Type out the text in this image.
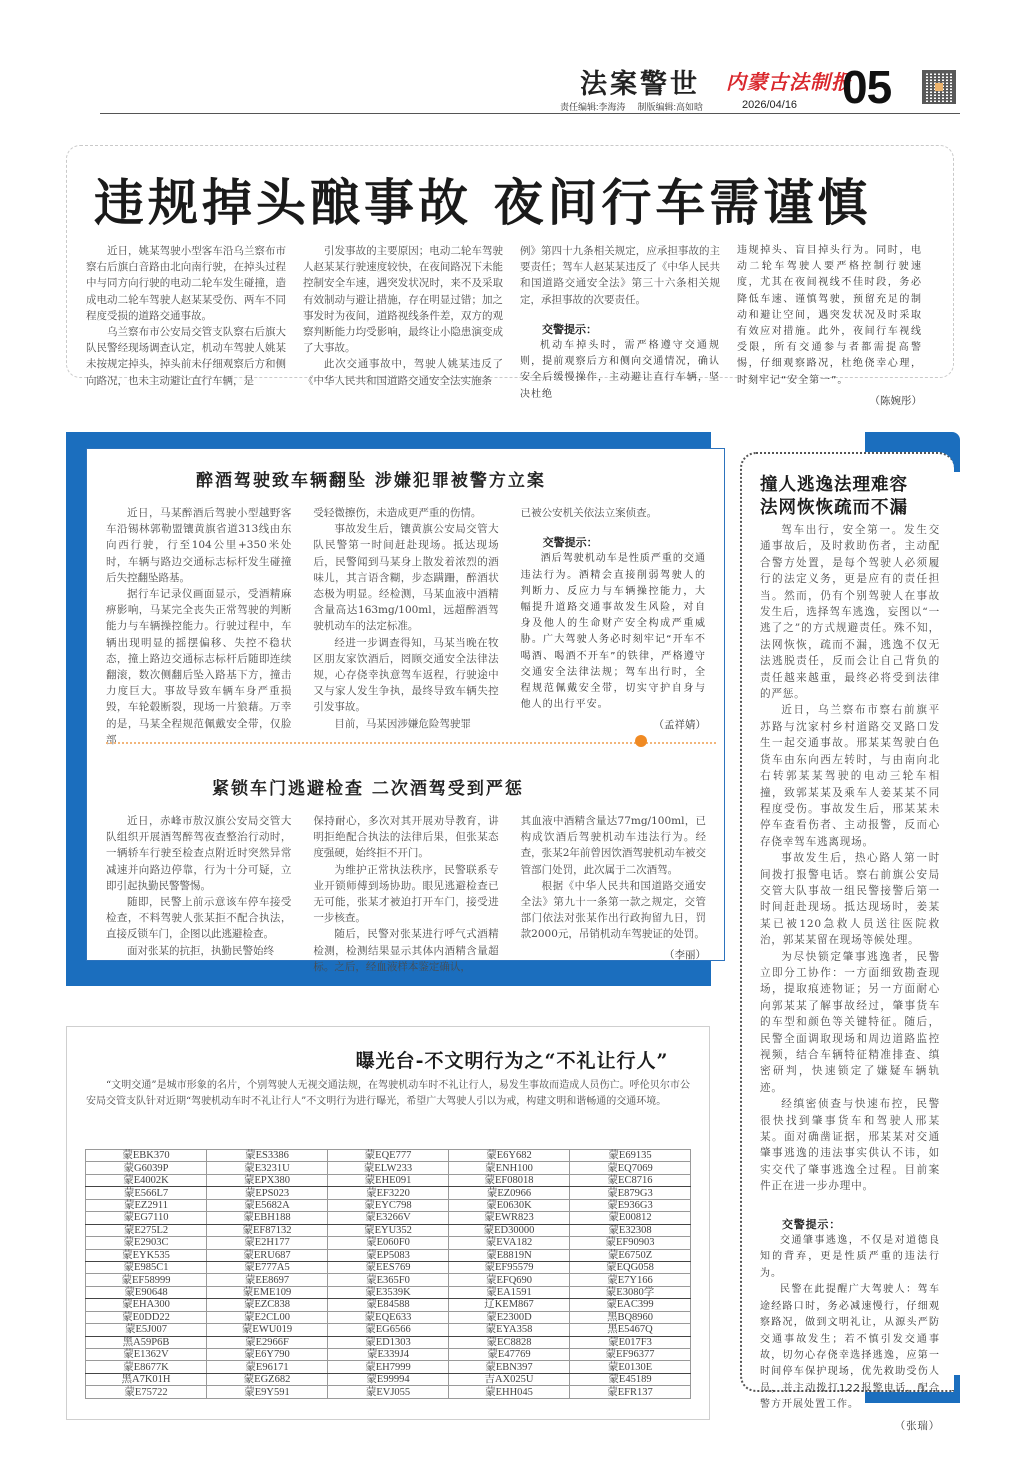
法案警世 内蒙古法制报
05
责任编辑:李海涛 制版编辑:高如晗	2026/04/16
违规掉头酿事故 夜间行车需谨慎

近日，姚某驾驶小型客车沿乌兰察布市察右后旗白音路由北向南行驶，在掉头过程中与同方向行驶的电动二轮车发生碰撞，造成电动二轮车驾驶人赵某某受伤、两车不同程度受损的道路交通事故。

乌兰察布市公安局交管支队察右后旗大队民警经现场调查认定，机动车驾驶人姚某未按规定掉头，掉头前未仔细观察后方和侧向路况，也未主动避让直行车辆，是

引发事故的主要原因；电动二轮车驾驶人赵某某行驶速度较快，在夜间路况下未能控制安全车速，遇突发状况时，来不及采取有效制动与避让措施，存在明显过错；加之事发时为夜间，道路视线条件差，双方的观察判断能力均受影响，最终让小隐患演变成了大事故。

此次交通事故中，驾驶人姚某违反了《中华人民共和国道路交通安全法实施条

例》第四十九条相关规定，应承担事故的主要责任；驾车人赵某某违反了《中华人民共和国道路交通安全法》第三十六条相关规定，承担事故的次要责任。

交警提示：

机动车掉头时，需严格遵守交通规则，提前观察后方和侧向交通情况，确认安全后缓慢操作，主动避让直行车辆，坚决杜绝

违规掉头、盲目掉头行为。同时，电动二轮车驾驶人要严格控制行驶速度，尤其在夜间视线不佳时段，务必降低车速、谨慎驾驶，预留充足的制动和避让空间，遇突发状况及时采取有效应对措施。此外，夜间行车视线受限，所有交通参与者都需提高警惕，仔细观察路况，杜绝侥幸心理，时刻牢记“安全第一”。

（陈婉彤）
醉酒驾驶致车辆翻坠 涉嫌犯罪被警方立案

近日，马某醉酒后驾驶小型越野客车沿锡林郭勒盟镶黄旗省道313线由东向西行驶，行至104公里+350米处时，车辆与路边交通标志标杆发生碰撞后失控翻坠路基。

据行车记录仪画面显示，受酒精麻痹影响，马某完全丧失正常驾驶的判断能力与车辆操控能力。行驶过程中，车辆出现明显的摇摆偏移、失控不稳状态，撞上路边交通标志标杆后随即连续翻滚，数次侧翻后坠入路基下方，撞击力度巨大。事故导致车辆车身严重损毁，车轮毂断裂，现场一片狼藉。万幸的是，马某全程规范佩戴安全带，仅脸部

受轻微擦伤，未造成更严重的伤情。

事故发生后，镶黄旗公安局交管大队民警第一时间赶赴现场。抵达现场后，民警闻到马某身上散发着浓烈的酒味儿，其言语含糊，步态蹒跚，醉酒状态极为明显。经检测，马某血液中酒精含量高达163mg/100ml，远超醉酒驾驶机动车的法定标准。

经进一步调查得知，马某当晚在牧区朋友家饮酒后，罔顾交通安全法律法规，心存侥幸执意驾车返程，行驶途中又与家人发生争执，最终导致车辆失控引发事故。

目前，马某因涉嫌危险驾驶罪

已被公安机关依法立案侦查。

交警提示：

酒后驾驶机动车是性质严重的交通违法行为。酒精会直接削弱驾驶人的判断力、反应力与车辆操控能力，大幅提升道路交通事故发生风险，对自身及他人的生命财产安全构成严重威胁。广大驾驶人务必时刻牢记“开车不喝酒、喝酒不开车”的铁律，严格遵守交通安全法律法规；驾车出行时，全程规范佩戴安全带，切实守护自身与他人的出行平安。

（孟祥婧）
紧锁车门逃避检查 二次酒驾受到严惩

近日，赤峰市敖汉旗公安局交管大队组织开展酒驾醉驾夜查整治行动时，一辆轿车行驶至检查点附近时突然异常减速并向路边停靠，行为十分可疑，立即引起执勤民警警惕。

随即，民警上前示意该车停车接受检查，不料驾驶人张某拒不配合执法，直接反锁车门，企图以此逃避检查。

面对张某的抗拒，执勤民警始终

保持耐心，多次对其开展劝导教育，讲明拒绝配合执法的法律后果，但张某态度强硬，始终拒不开门。

为维护正常执法秩序，民警联系专业开锁师傅到场协助。眼见逃避检查已无可能，张某才被迫打开车门，接受进一步核查。

随后，民警对张某进行呼气式酒精检测，检测结果显示其体内酒精含量超标。之后，经血液样本鉴定确认，

其血液中酒精含量达77mg/100ml，已构成饮酒后驾驶机动车违法行为。经查，张某2年前曾因饮酒驾驶机动车被交管部门处罚，此次属于二次酒驾。

根据《中华人民共和国道路交通安全法》第九十一条第一款之规定，交管部门依法对张某作出行政拘留九日，罚款2000元，吊销机动车驾驶证的处罚。

（李丽）
撞人逃逸法理难容
法网恢恢疏而不漏

驾车出行，安全第一。发生交通事故后，及时救助伤者，主动配合警方处置，是每个驾驶人必须履行的法定义务，更是应有的责任担当。然而，仍有个别驾驶人在事故发生后，选择驾车逃逸，妄图以“一逃了之”的方式规避责任。殊不知，法网恢恢，疏而不漏，逃逸不仅无法逃脱责任，反而会让自己背负的责任越来越重，最终必将受到法律的严惩。

近日，乌兰察布市察右前旗平苏路与沈家村乡村道路交叉路口发生一起交通事故。邢某某驾驶白色货车由东向西左转时，与由南向北右转郭某某驾驶的电动三轮车相撞，致郭某某及乘车人姜某某不同程度受伤。事故发生后，邢某某未停车查看伤者、主动报警，反而心存侥幸驾车逃离现场。

事故发生后，热心路人第一时间拨打报警电话。察右前旗公安局交管大队事故一组民警接警后第一时间赶赴现场。抵达现场时，姜某某已被120急救人员送往医院救治，郭某某留在现场等候处理。

为尽快锁定肇事逃逸者，民警立即分工协作：一方面细致勘查现场，提取痕迹物证；另一方面耐心向郭某某了解事故经过，肇事货车的车型和颜色等关键特征。随后，民警全面调取现场和周边道路监控视频，结合车辆特征精准排查、缜密研判，快速锁定了嫌疑车辆轨迹。

经缜密侦查与快速布控，民警很快找到肇事货车和驾驶人邢某某。面对确凿证据，邢某某对交通肇事逃逸的违法事实供认不讳，如实交代了肇事逃逸全过程。目前案件正在进一步办理中。

交警提示：

交通肇事逃逸，不仅是对道德良知的背弃，更是性质严重的违法行为。

民警在此提醒广大驾驶人：驾车途经路口时，务必减速慢行，仔细观察路况，做到文明礼让，从源头严防交通事故发生；若不慎引发交通事故，切勿心存侥幸选择逃逸，应第一时间停车保护现场，优先救助受伤人员，并主动拨打122报警电话，配合警方开展处置工作。

（张瑞）
曝光台-不文明行为之“不礼让行人”

“文明交通”是城市形象的名片，个别驾驶人无视交通法规，在驾驶机动车时不礼让行人，易发生事故而造成人员伤亡。呼伦贝尔市公安局交管支队针对近期“驾驶机动车时不礼让行人”不文明行为进行曝光，希望广大驾驶人引以为戒，构建文明和谐畅通的交通环境。

蒙EBK370	蒙ES3386	蒙EQE777	蒙E6Y682	蒙E69135
蒙G6039P	蒙E3231U	蒙ELW233	蒙ENH100	蒙EQ7069
蒙E4002K	蒙EPX380	蒙EHE091	蒙EF08018	蒙EC8716
蒙E566L7	蒙EPS023	蒙EF3220	蒙EZ0966	蒙E879G3
蒙EZ2911	蒙E5682A	蒙EYC798	蒙E0630K	蒙E936G3
蒙EG7110	蒙EBH188	蒙E3266V	蒙EWR823	蒙E00812
蒙E275L2	蒙EF87132	蒙EYU352	蒙ED30000	蒙E32308
蒙E2903C	蒙E2H177	蒙E060F0	蒙EVA182	蒙EF90903
蒙EYK535	蒙ERU687	蒙EP5083	蒙E8819N	蒙E6750Z
蒙E985C1	蒙E777A5	蒙EES769	蒙EF95579	蒙EQG058
蒙EF58999	蒙EE8697	蒙E365F0	蒙EFQ690	蒙E7Y166
蒙E90648	蒙EME109	蒙E3539K	蒙EA1591	蒙E3080学
蒙EHA300	蒙EZC838	蒙E84588	辽KEM867	蒙EAC399
蒙E0DD22	蒙E2CL00	蒙EQE633	蒙E2300D	黑BQ8960
蒙E5J007	蒙EWU019	蒙EG6566	蒙EYA358	黑E5467Q
黑A59P6B	蒙E2966F	蒙ED1303	蒙EC8828	蒙E017F3
蒙E1362V	蒙E6Y790	蒙E339J4	蒙E47769	蒙EF96377
蒙E8677K	蒙E96171	蒙EH7999	蒙EBN397	蒙E0130E
黑A7K01H	蒙EGZ682	蒙E99994	吉AX025U	蒙E45189
蒙E75722	蒙E9Y591	蒙EVJ055	蒙EHH045	蒙EFR137
